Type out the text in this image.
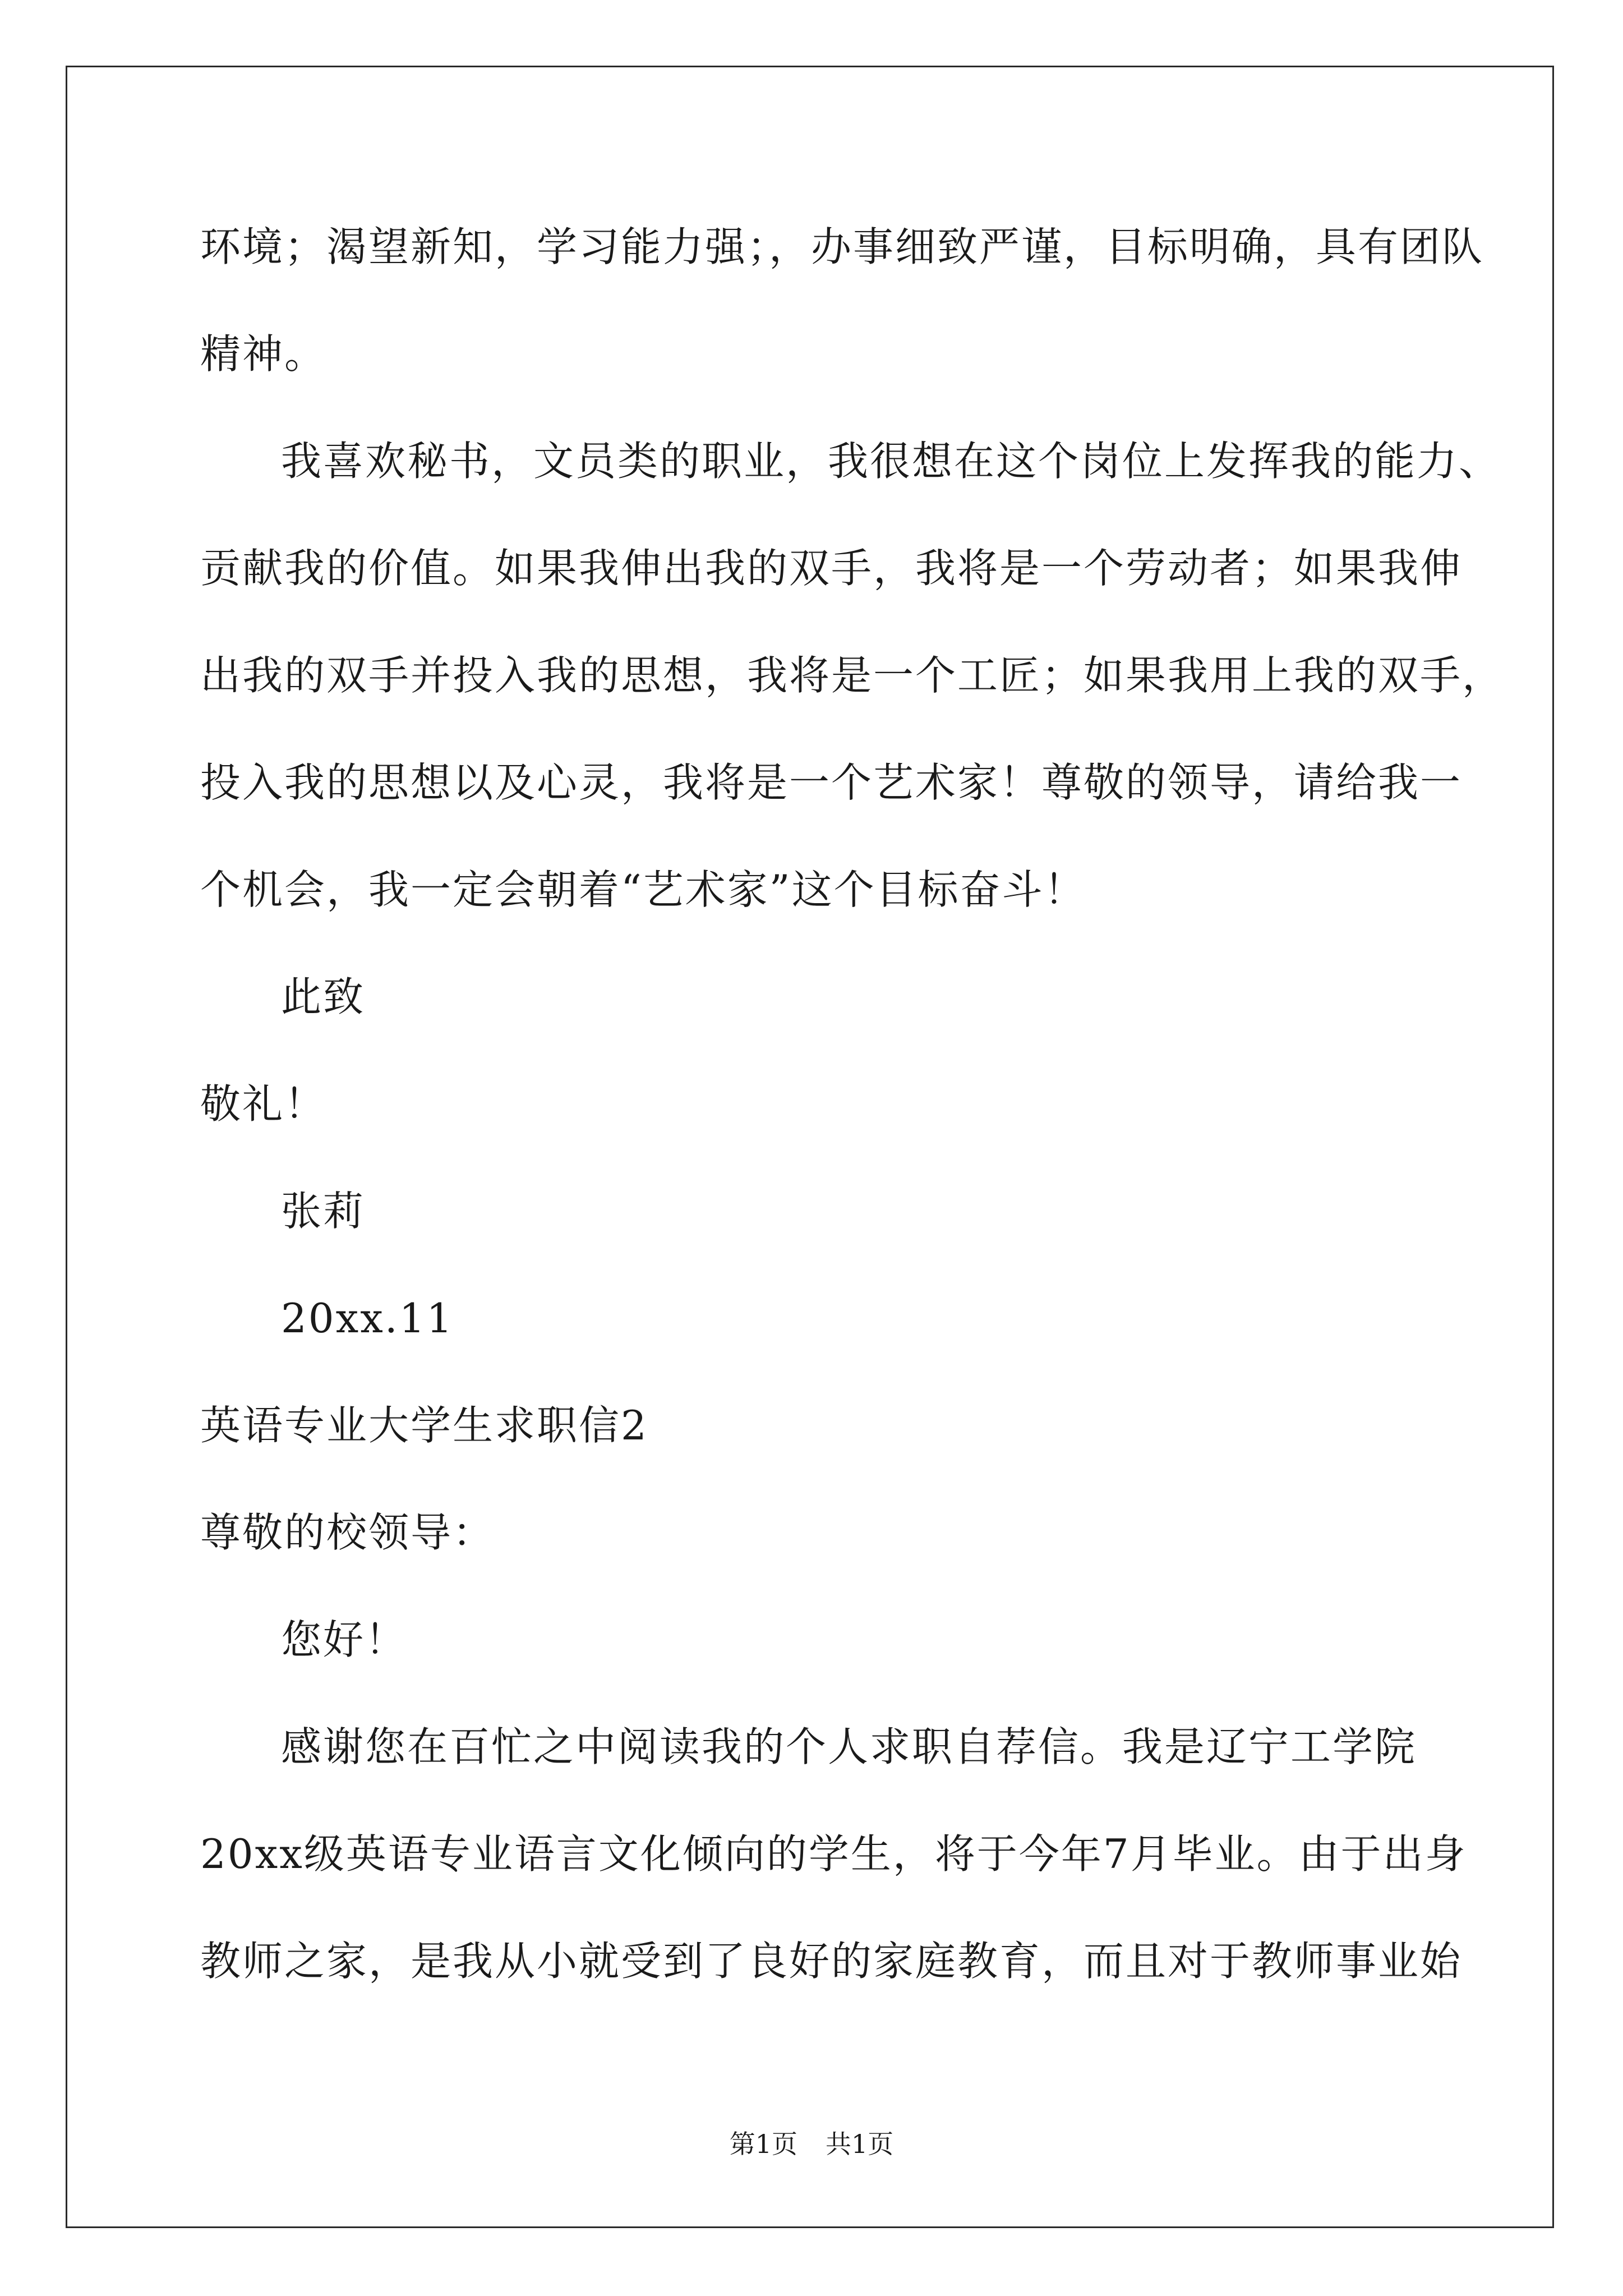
环境；渴望新知，学习能力强；，办事细致严谨，目标明确，具有团队
精神。
我喜欢秘书，文员类的职业，我很想在这个岗位上发挥我的能力、
贡献我的价值。如果我伸出我的双手，我将是一个劳动者；如果我伸
出我的双手并投入我的思想，我将是一个工匠；如果我用上我的双手，
投入我的思想以及心灵，我将是一个艺术家！尊敬的领导，请给我一
个机会，我一定会朝着“艺术家”这个目标奋斗！
此致
敬礼！
张莉
20xx.11
英语专业大学生求职信2
尊敬的校领导：
您好！
感谢您在百忙之中阅读我的个人求职自荐信。我是辽宁工学院
20xx级英语专业语言文化倾向的学生，将于今年7月毕业。由于出身
教师之家，是我从小就受到了良好的家庭教育，而且对于教师事业始
第1页 共1页
